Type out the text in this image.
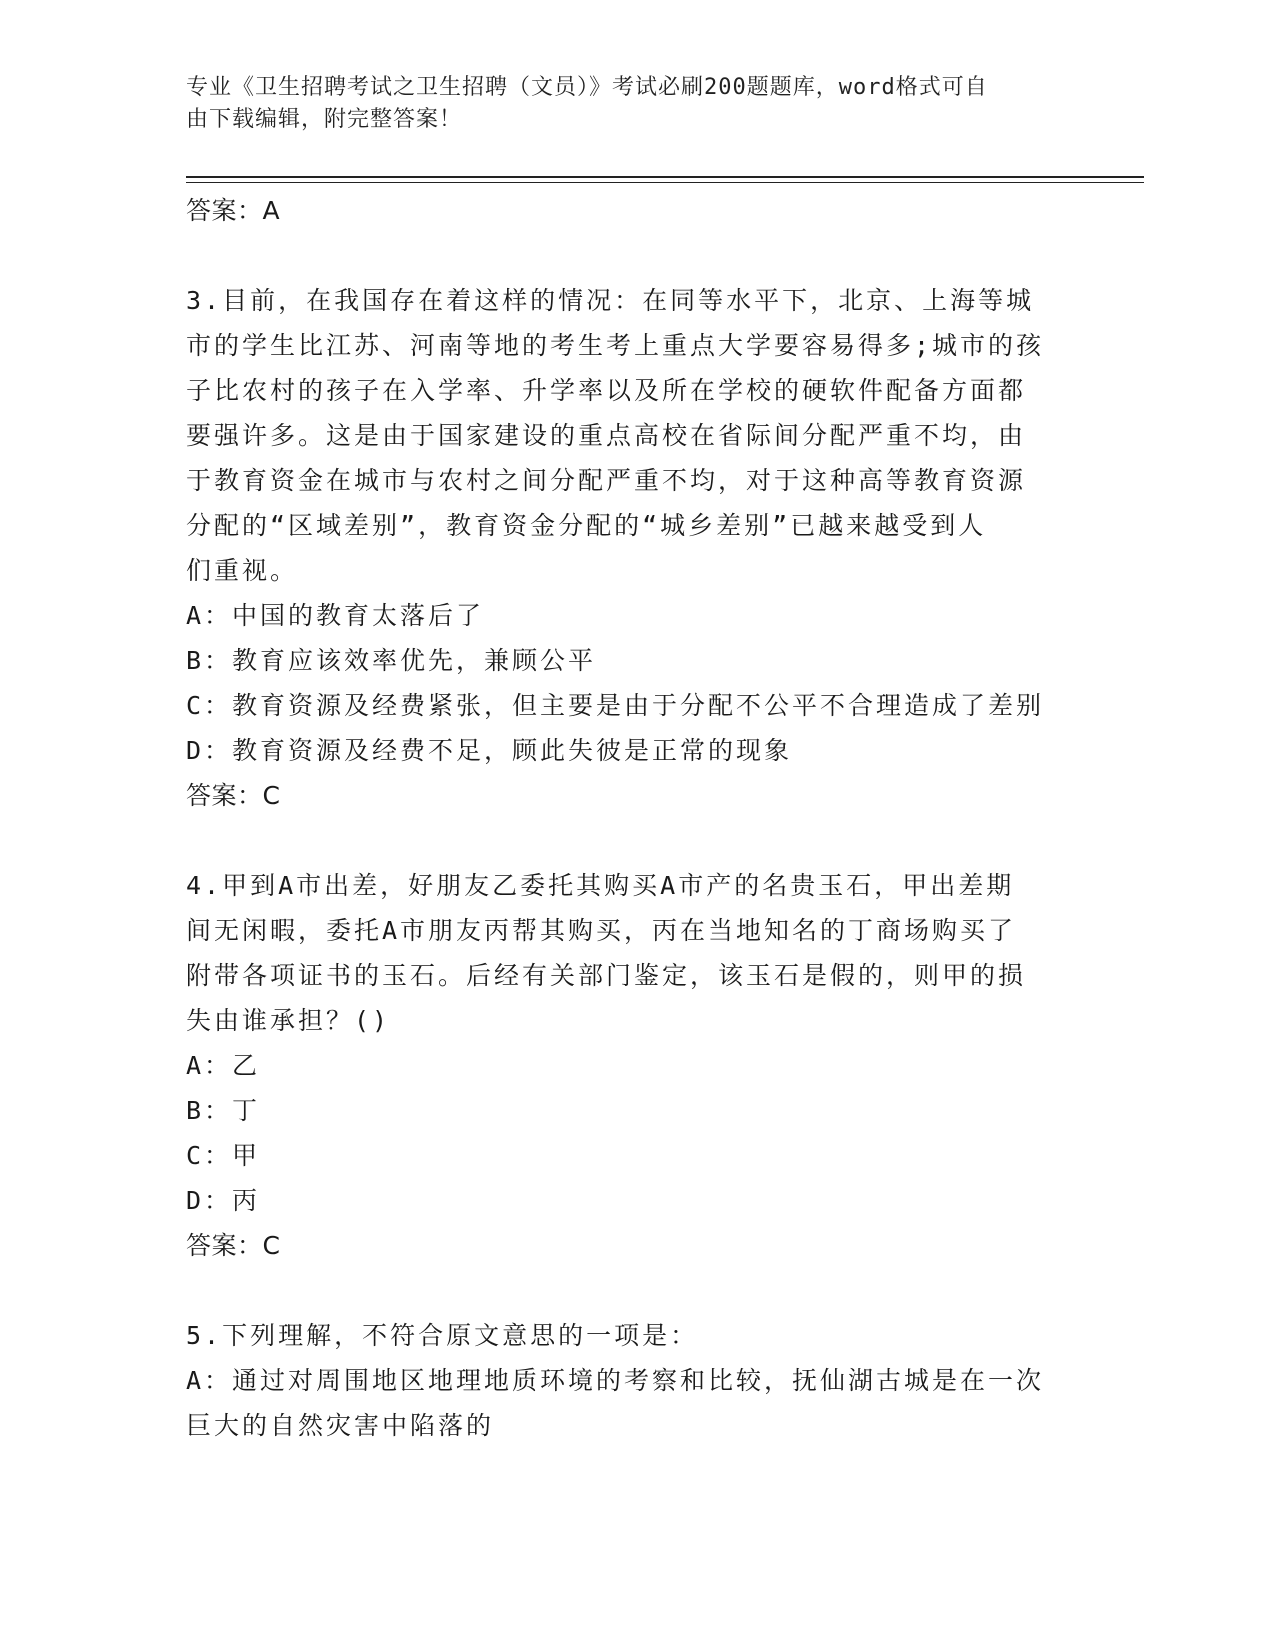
专业《卫生招聘考试之卫生招聘（文员）》考试必刷200题题库，word格式可自
由下载编辑，附完整答案！
答案：A
3.目前，在我国存在着这样的情况：在同等水平下，北京、上海等城
市的学生比江苏、河南等地的考生考上重点大学要容易得多;城市的孩
子比农村的孩子在入学率、升学率以及所在学校的硬软件配备方面都
要强许多。这是由于国家建设的重点高校在省际间分配严重不均，由
于教育资金在城市与农村之间分配严重不均，对于这种高等教育资源
分配的“区域差别”，教育资金分配的“城乡差别”已越来越受到人
们重视。
A：中国的教育太落后了
B：教育应该效率优先，兼顾公平
C：教育资源及经费紧张，但主要是由于分配不公平不合理造成了差别
D：教育资源及经费不足，顾此失彼是正常的现象
答案：C
4.甲到A市出差，好朋友乙委托其购买A市产的名贵玉石，甲出差期
间无闲暇，委托A市朋友丙帮其购买，丙在当地知名的丁商场购买了
附带各项证书的玉石。后经有关部门鉴定，该玉石是假的，则甲的损
失由谁承担？()
A：乙
B：丁
C：甲
D：丙
答案：C
5.下列理解，不符合原文意思的一项是：
A：通过对周围地区地理地质环境的考察和比较，抚仙湖古城是在一次
巨大的自然灾害中陷落的
